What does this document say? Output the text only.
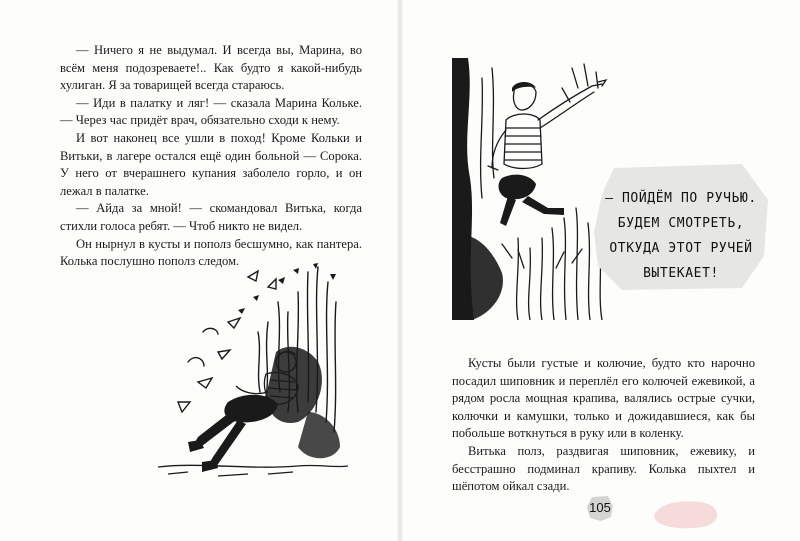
— Ничего я не выдумал. И всегда вы, Марина, во всём меня подозреваете!.. Как будто я какой-нибудь хулиган. Я за товарищей всегда стараюсь.

— Иди в палатку и ляг! — сказала Марина Кольке. — Через час придёт врач, обязательно сходи к нему.

И вот наконец все ушли в поход! Кроме Кольки и Витьки, в лагере остался ещё один больной — Сорока. У него от вчерашнего купания заболело горло, и он лежал в палатке.

— Айда за мной! — скомандовал Витька, когда стихли голоса ребят. — Чтоб никто не видел.

Он нырнул в кусты и пополз бесшумно, как пантера. Колька послушно пополз следом.

— ПОЙДЁМ ПО РУЧЬЮ.
БУДЕМ СМОТРЕТЬ,
ОТКУДА ЭТОТ РУЧЕЙ
ВЫТЕКАЕТ!

Кусты были густые и колючие, будто кто нарочно посадил шиповник и переплёл его колючей ежевикой, а рядом росла мощная крапива, валялись острые сучки, колючки и камушки, только и дожидавшиеся, как бы побольше воткнуться в руку или в коленку.

Витька полз, раздвигая шиповник, ежевику, и бесстрашно подминал крапиву. Колька пыхтел и шёпотом ойкал сзади.

105
